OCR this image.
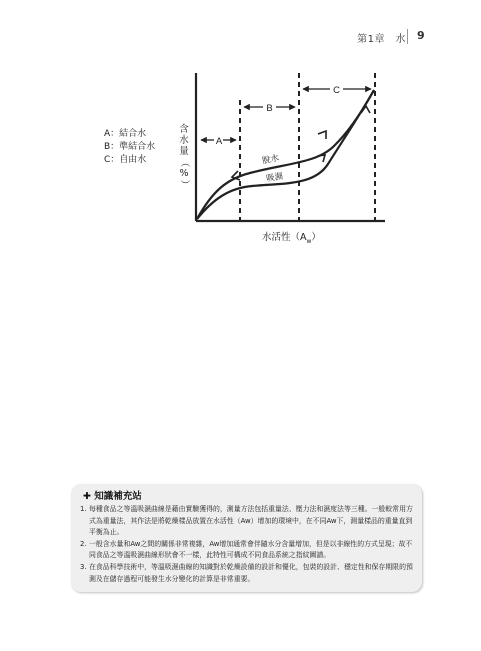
第1章　水 9
A：結合水
B：準結合水
C：自由水
含
水
量
（
%
）
A
B
C
脫水
吸濕
水活性$(A_w)$
✚ 知識補充站
1. 每種食品之等溫吸濕曲線是藉由實驗獲得的，測量方法包括重量法、壓力法和濕度法等三種。一般較常用方式為重量法，其作法是將乾燥樣品放置在水活性（Aw）增加的環境中，在不同Aw下，測量樣品的重量直到平衡為止。
2. 一般含水量和Aw之間的關係非常複雜，Aw增加通常會伴隨水分含量增加，但是以非線性的方式呈現；故不同食品之等溫吸濕曲線形狀會不一樣，此特性可構成不同食品系統之指紋圖譜。
3. 在食品科學技術中，等溫吸濕曲線的知識對於乾燥設備的設計和優化，包裝的設計、穩定性和保存期限的預測及在儲存過程可能發生水分變化的計算是非常重要。
